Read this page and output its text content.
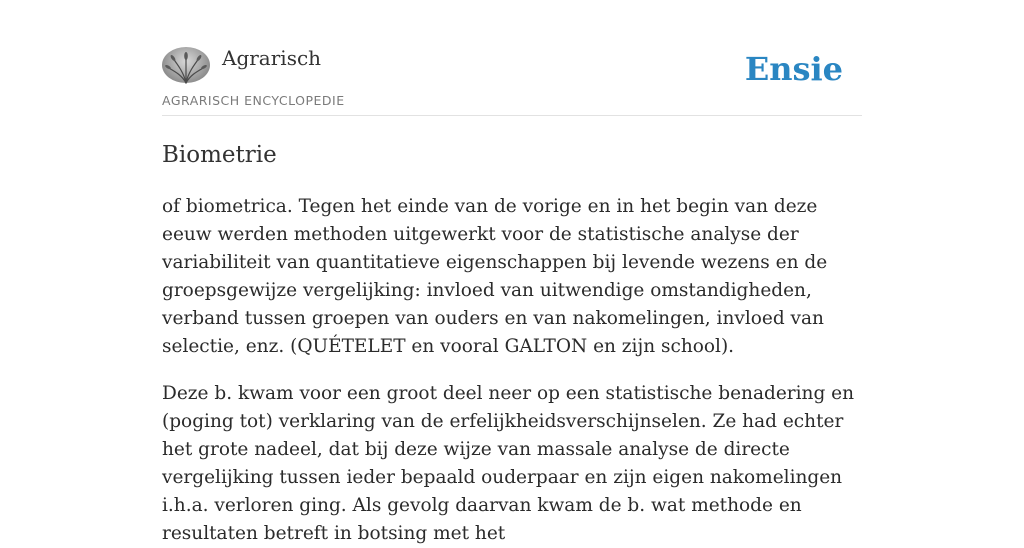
Agrarisch
AGRARISCH ENCYCLOPEDIE
Ensie
Biometrie

of biometrica. Tegen het einde van de vorige en in het begin van deze eeuw werden methoden uitgewerkt voor de statistische analyse der variabiliteit van quantitatieve eigenschappen bij levende wezens en de groepsgewijze vergelijking: invloed van uitwendige omstandigheden, verband tussen groepen van ouders en van nakomelingen, invloed van selectie, enz. (QUÉTELET en vooral GALTON en zijn school).

Deze b. kwam voor een groot deel neer op een statistische benadering en (poging tot) verklaring van de erfelijkheidsverschijnselen. Ze had echter het grote nadeel, dat bij deze wijze van massale analyse de directe vergelijking tussen ieder bepaald ouderpaar en zijn eigen nakomelingen i.h.a. verloren ging. Als gevolg daarvan kwam de b. wat methode en resultaten betreft in botsing met het
